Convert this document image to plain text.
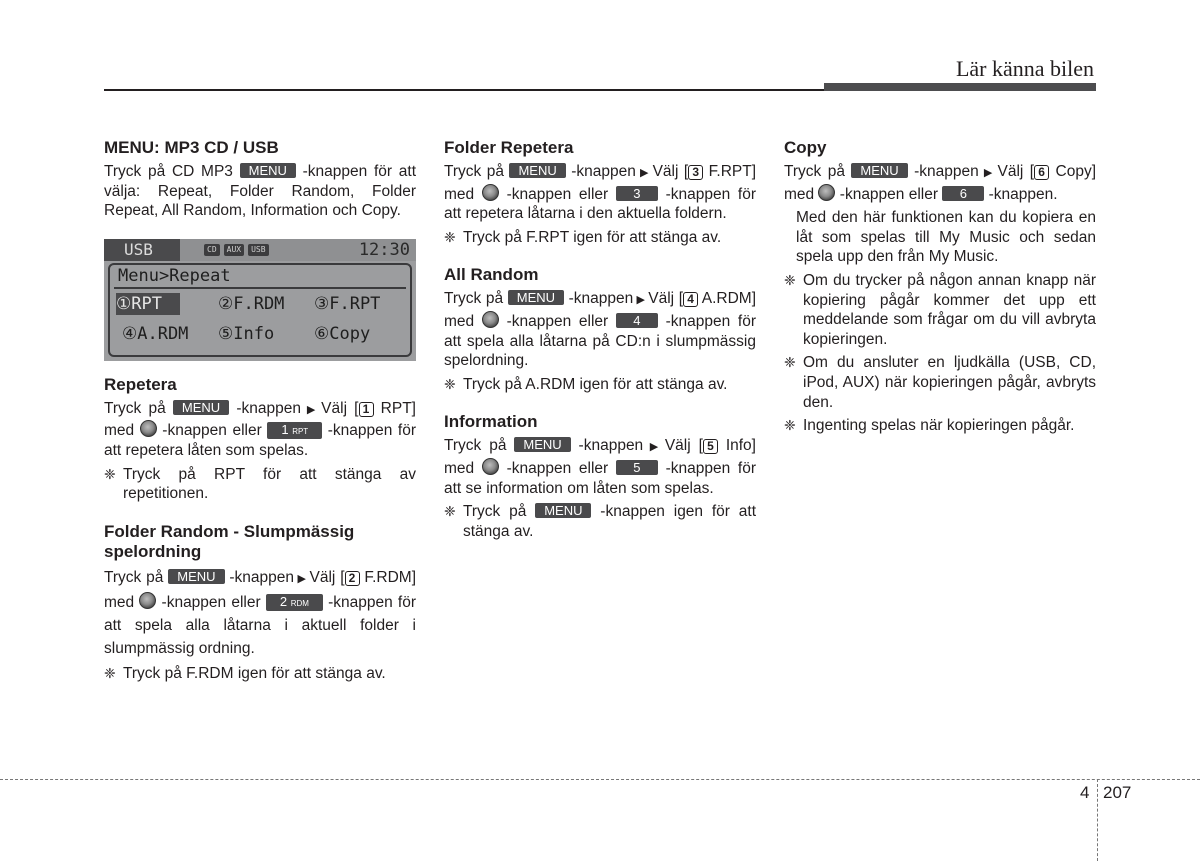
Lär känna bilen
MENU: MP3 CD / USB

Tryck på CD MP3 MENU -knappen för att välja: Repeat, Folder Random, Folder Repeat, All Random, Information och Copy.

USB	CD	AUX	USB	12:30
Menu>Repeat
①RPT	②F.RDM ③F.RPT
④A.RDM ⑤Info ⑥Copy
Repetera

Tryck på MENU -knappen ▶ Välj [ 1 RPT] med -knappen eller 1 RPT -knappen för att repetera låten som spelas.

❈ Tryck på RPT för att stänga av repetitionen.
Folder Random - Slumpmässig spelordning

Tryck på MENU -knappen ▶ Välj [ 2 F.RDM] med -knappen eller 2 RDM -knappen för att spela alla låtarna i aktuell folder i slumpmässig ordning.

❈ Tryck på F.RDM igen för att stänga av.
Folder Repetera

Tryck på MENU -knappen ▶ Välj [ 3 F.RPT] med -knappen eller 3 -knappen för att repetera låtarna i den aktuella foldern.

❈ Tryck på F.RPT igen för att stänga av.
All Random

Tryck på MENU -knappen ▶ Välj [ 4 A.RDM] med -knappen eller 4 -knappen för att spela alla låtarna på CD:n i slumpmässig spelordning.

❈ Tryck på A.RDM igen för att stänga av.
Information

Tryck på MENU -knappen ▶ Välj [ 5 Info] med -knappen eller 5 -knappen för att se information om låten som spelas.

❈ Tryck på MENU -knappen igen för att stänga av.
Copy

Tryck på MENU -knappen ▶ Välj [ 6 Copy] med -knappen eller 6 -knappen.

Med den här funktionen kan du kopiera en låt som spelas till My Music och sedan spela upp den från My Music.

❈ Om du trycker på någon annan knapp när kopiering pågår kommer det upp ett meddelande som frågar om du vill avbryta kopieringen.
❈ Om du ansluter en ljudkälla (USB, CD, iPod, AUX) när kopieringen pågår, avbryts den.
❈ Ingenting spelas när kopieringen pågår.
4 207
